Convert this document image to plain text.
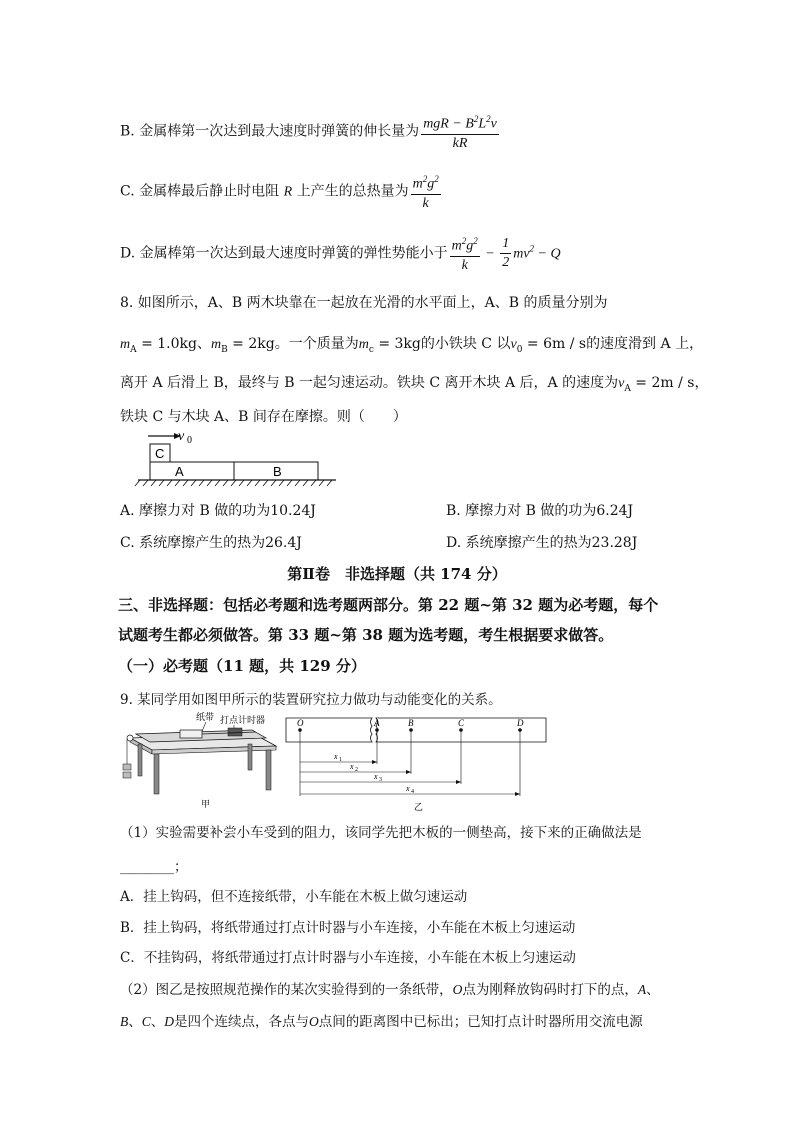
B. 金属棒第一次达到最大速度时弹簧的伸长量为 $\frac{mgR - B^2L^2v}{kR}$
C. 金属棒最后静止时电阻 R 上产生的总热量为 $\frac{m^2g^2}{k}$
D. 金属棒第一次达到最大速度时弹簧的弹性势能小于 $\frac{m^2g^2}{k} - \frac{1}{2} mv^2 - Q$
8. 如图所示，A、B 两木块靠在一起放在光滑的水平面上，A、B 的质量分别为
$m_A = 1.0kg$、$m_B = 2kg$。一个质量为$m_c = 3kg$的小铁块 C 以$v_0 = 6m / s$的速度滑到 A 上，
离开 A 后滑上 B，最终与 B 一起匀速运动。铁块 C 离开木块 A 后，A 的速度为$v_A = 2m / s$，
铁块 C 与木块 A、B 间存在摩擦。则（　　）
v 0
C
A	B
A. 摩擦力对 B 做的功为10.24J	B. 摩擦力对 B 做的功为6.24J
C. 系统摩擦产生的热为26.4J	D. 系统摩擦产生的热为23.28J
第Ⅱ卷　非选择题（共 174 分）
三、非选择题：包括必考题和选考题两部分。第 22 题~第 32 题为必考题，每个
试题考生都必须做答。第 33 题~第 38 题为选考题，考生根据要求做答。
（一）必考题（11 题，共 129 分）
9. 某同学用如图甲所示的装置研究拉力做功与动能变化的关系。
纸带 打点计时器
甲
O	A	B	C	D
x 1
x 2
x 3
x 4
乙
（1）实验需要补尝小车受到的阻力，该同学先把木板的一侧垫高，接下来的正确做法是
________；
A．挂上钩码，但不连接纸带，小车能在木板上做匀速运动
B．挂上钩码，将纸带通过打点计时器与小车连接，小车能在木板上匀速运动
C．不挂钩码，将纸带通过打点计时器与小车连接，小车能在木板上匀速运动
（2）图乙是按照规范操作的某次实验得到的一条纸带，O点为刚释放钩码时打下的点，A、
B、C、D是四个连续点，各点与O点间的距离图中已标出；已知打点计时器所用交流电源
